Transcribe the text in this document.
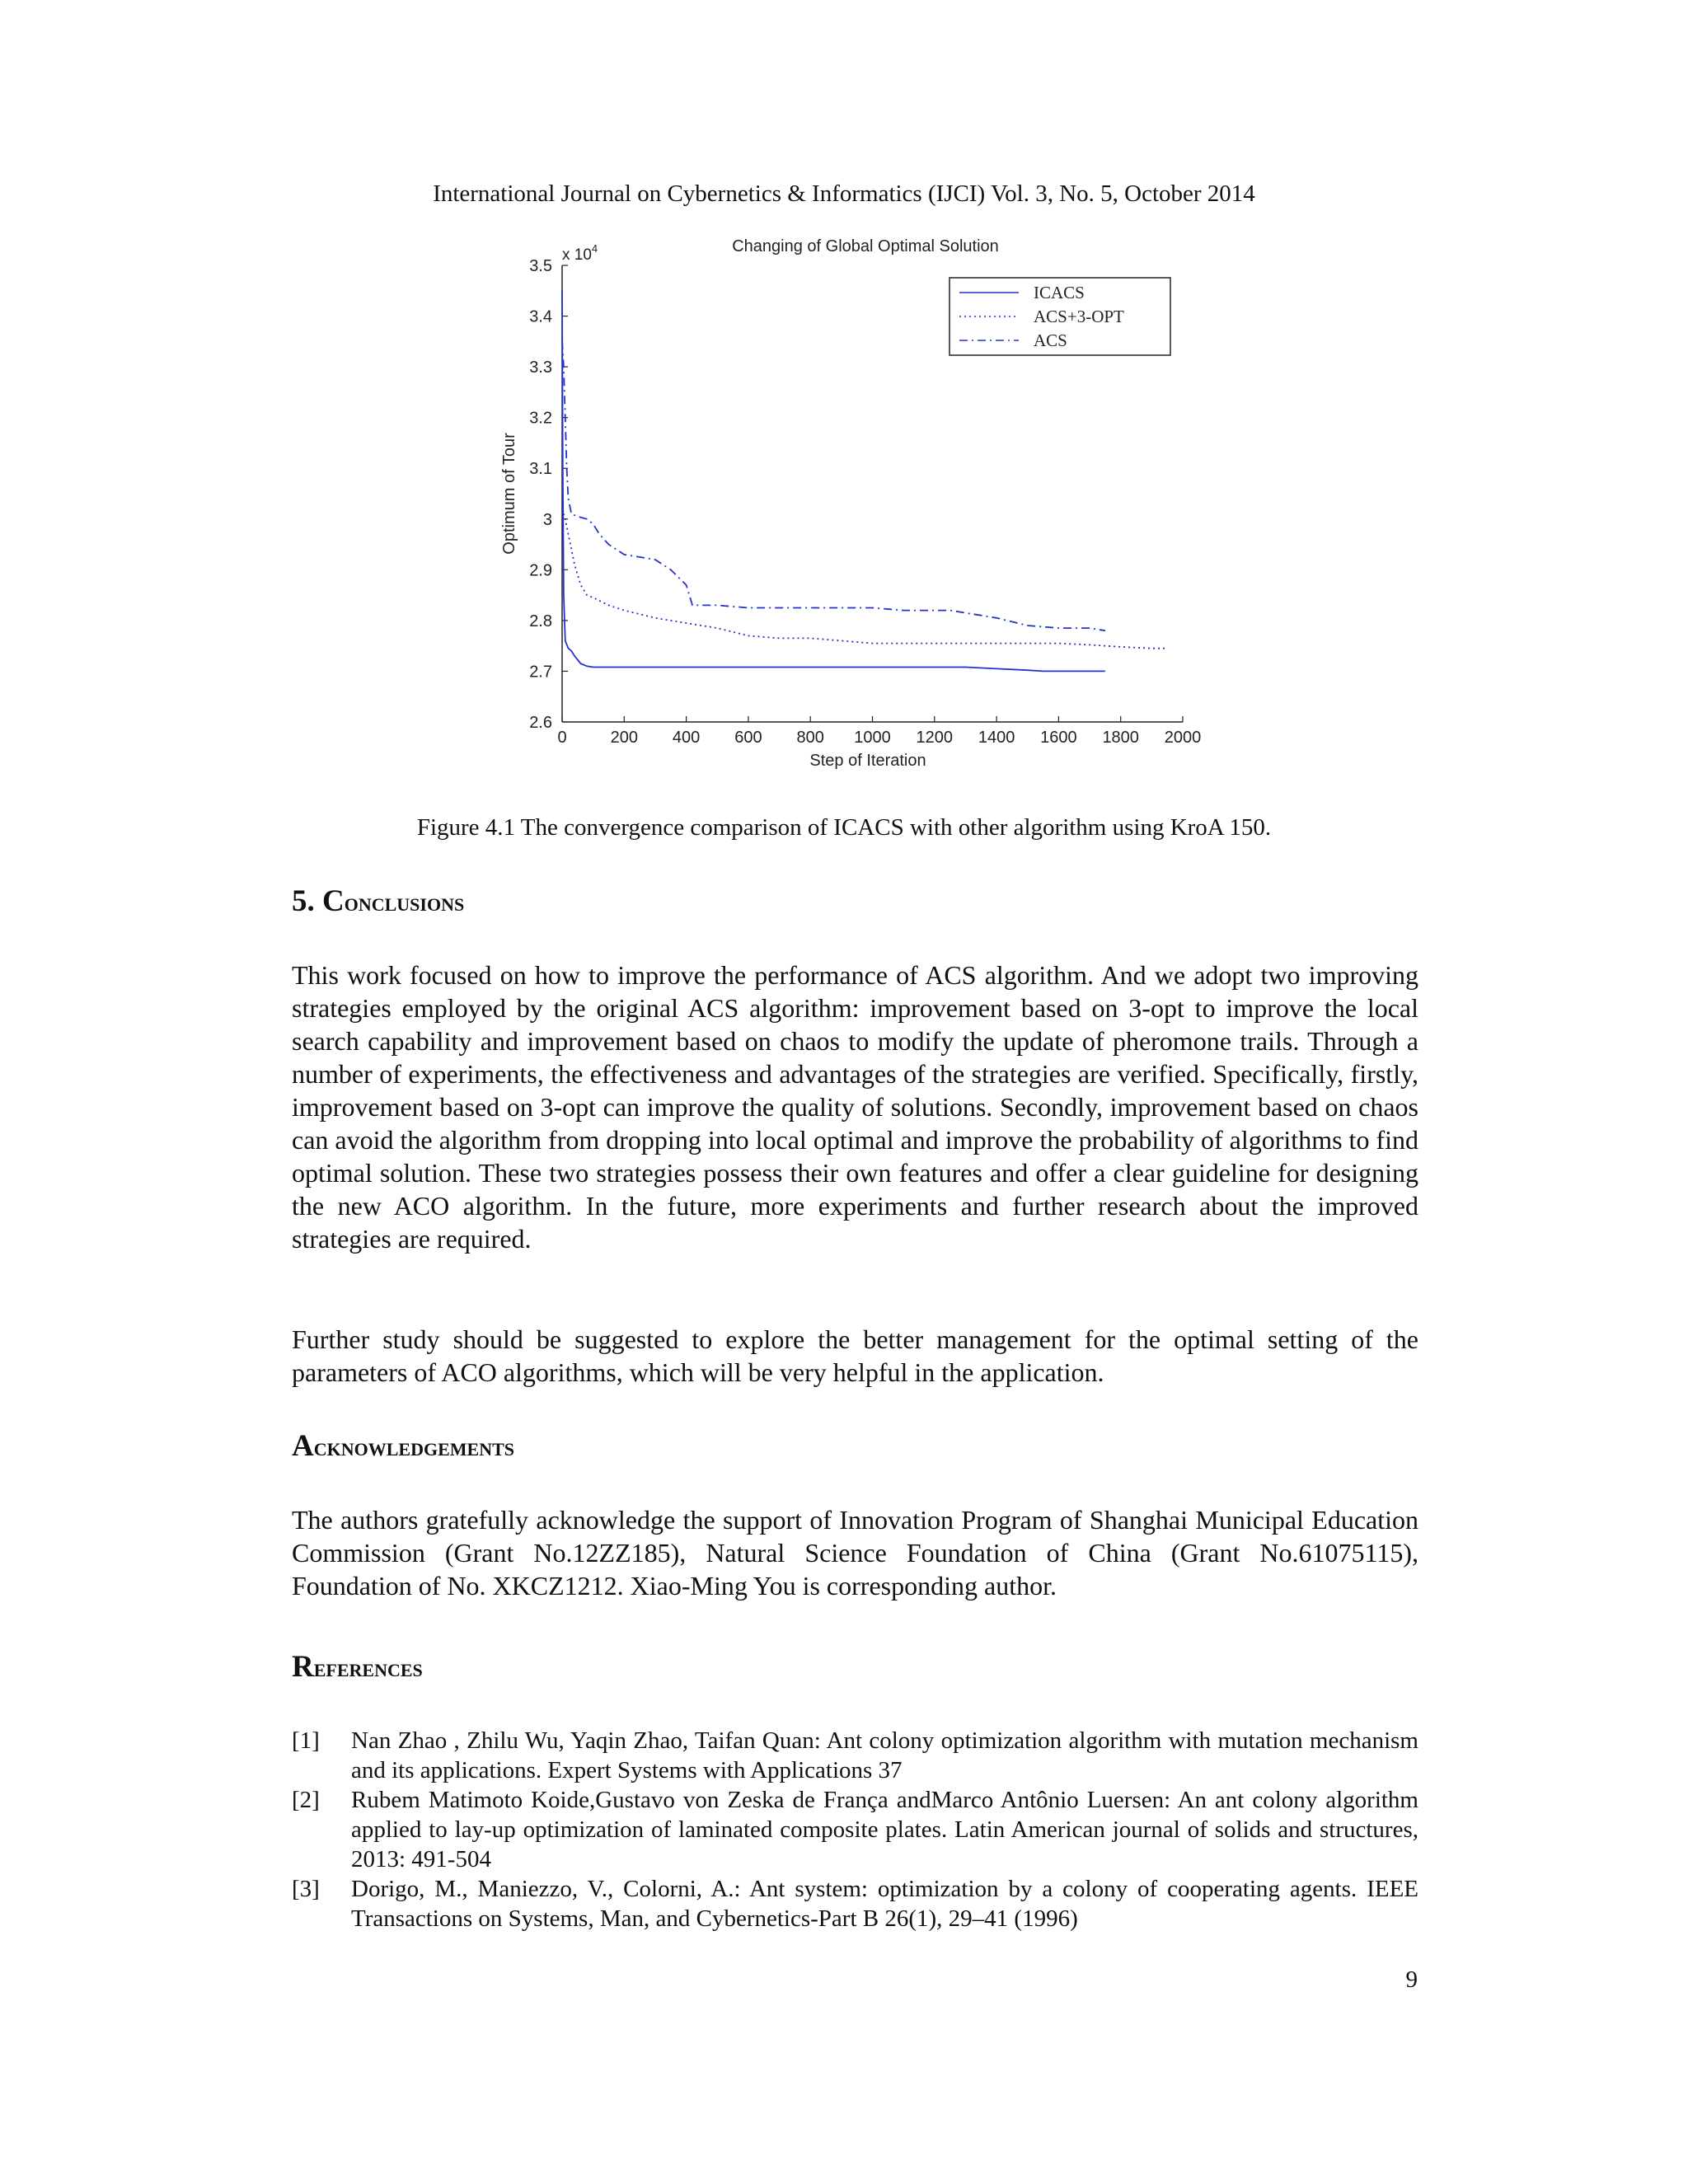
International Journal on Cybernetics & Informatics (IJCI) Vol. 3, No. 5, October 2014
Changing of Global Optimal Solution
x $10^4$
Optimum of Tour
Step of Iteration
0	200 400 600 800 1000 1200 1400 1600 1800 2000
2.6
2.7
2.8
2.9
3
3.1
3.2
3.3
3.4
3.5
ICACS
ACS+3-OPT
ACS
Figure 4.1 The convergence comparison of ICACS with other algorithm using KroA 150.
5. Conclusions

This work focused on how to improve the performance of ACS algorithm. And we adopt two improving strategies employed by the original ACS algorithm: improvement based on 3-opt to improve the local search capability and improvement based on chaos to modify the update of pheromone trails. Through a number of experiments, the effectiveness and advantages of the strategies are verified. Specifically, firstly, improvement based on 3-opt can improve the quality of solutions. Secondly, improvement based on chaos can avoid the algorithm from dropping into local optimal and improve the probability of algorithms to find optimal solution. These two strategies possess their own features and offer a clear guideline for designing the new ACO algorithm. In the future, more experiments and further research about the improved strategies are required.

Further study should be suggested to explore the better management for the optimal setting of the parameters of ACO algorithms, which will be very helpful in the application.

Acknowledgements

The authors gratefully acknowledge the support of Innovation Program of Shanghai Municipal Education Commission (Grant No.12ZZ185), Natural Science Foundation of China (Grant No.61075115), Foundation of No. XKCZ1212. Xiao-Ming You is corresponding author.

References
[1]	Nan Zhao , Zhilu Wu, Yaqin Zhao, Taifan Quan: Ant colony optimization algorithm with mutation mechanism and its applications. Expert Systems with Applications 37
[2]	Rubem Matimoto Koide,Gustavo von Zeska de França andMarco Antônio Luersen: An ant colony algorithm applied to lay-up optimization of laminated composite plates. Latin American journal of solids and structures, 2013: 491-504
[3]	Dorigo, M., Maniezzo, V., Colorni, A.: Ant system: optimization by a colony of cooperating agents. IEEE Transactions on Systems, Man, and Cybernetics-Part B 26(1), 29–41 (1996)
9
